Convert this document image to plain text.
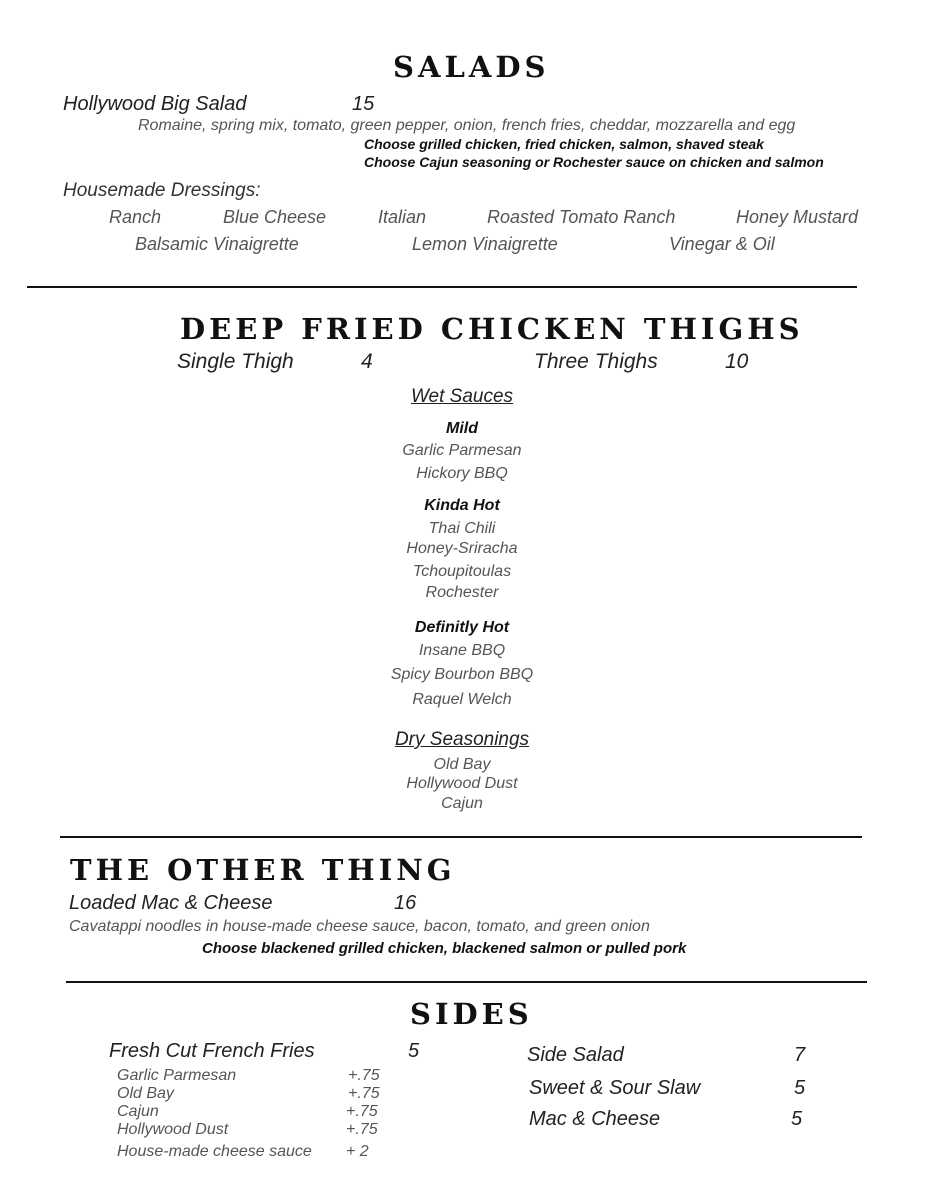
SALADS
Hollywood Big Salad	15
Romaine, spring mix, tomato, green pepper, onion, french fries, cheddar, mozzarella and egg
Choose grilled chicken, fried chicken, salmon, shaved steak
Choose Cajun seasoning or Rochester sauce on chicken and salmon
Housemade Dressings:
Ranch	Blue Cheese	Italian	Roasted Tomato Ranch	Honey Mustard
Balsamic Vinaigrette	Lemon Vinaigrette	Vinegar & Oil
DEEP FRIED CHICKEN THIGHS
Single Thigh	4	Three Thighs	10
Wet Sauces
Mild
Garlic Parmesan
Hickory BBQ
Kinda Hot
Thai Chili
Honey-Sriracha
Tchoupitoulas
Rochester
Definitly Hot
Insane BBQ
Spicy Bourbon BBQ
Raquel Welch
Dry Seasonings
Old Bay
Hollywood Dust
Cajun
THE OTHER THING
Loaded Mac & Cheese	16
Cavatappi noodles in house-made cheese sauce, bacon, tomato, and green onion
Choose blackened grilled chicken, blackened salmon or pulled pork
SIDES
Fresh Cut French Fries	5
Garlic Parmesan	+.75
Old Bay	+.75
Cajun	+.75
Hollywood Dust	+.75
House-made cheese sauce + 2
Side Salad	7
Sweet & Sour Slaw	5
Mac & Cheese	5
